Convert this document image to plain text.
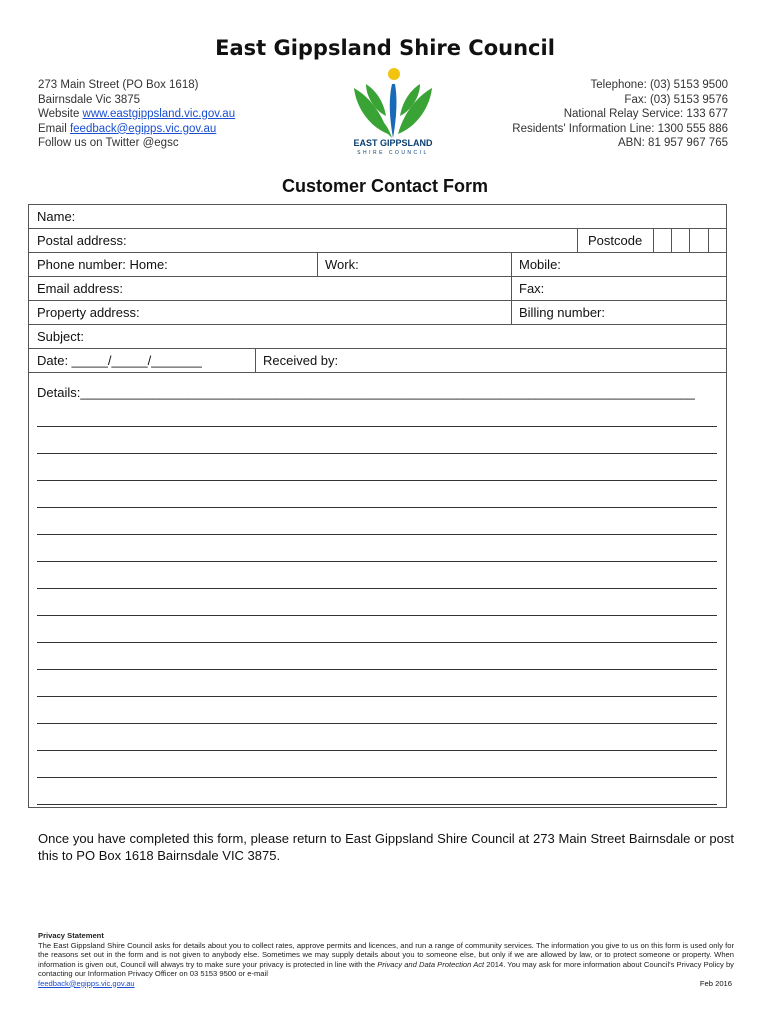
East Gippsland Shire Council
273 Main Street (PO Box 1618)
Bairnsdale Vic 3875
Website www.eastgippsland.vic.gov.au
Email feedback@egipps.vic.gov.au
Follow us on Twitter @egsc	EAST GIPPSLAND
SHIRE COUNCIL
Telephone: (03) 5153 9500
Fax: (03) 5153 9576
National Relay Service: 133 677
Residents' Information Line: 1300 555 886
ABN: 81 957 967 765
Customer Contact Form
Name:
Postal address:	Postcode
Phone number: Home:	Work:	Mobile:
Email address:	Fax:
Property address:	Billing number:
Subject:
Date: _____/_____/_______	Received by:
Details:_____________________________________________________________________________________
Once you have completed this form, please return to East Gippsland Shire Council at 273 Main Street Bairnsdale or post this to PO Box 1618 Bairnsdale VIC 3875.
Privacy Statement
The East Gippsland Shire Council asks for details about you to collect rates, approve permits and licences, and run a range of community services. The information you give to us on this form is used only for the reasons set out in the form and is not given to anybody else. Sometimes we may supply details about you to someone else, but only if we are allowed by law, or to protect someone or property. When information is given out, Council will always try to make sure your privacy is protected in line with the Privacy and Data Protection Act 2014. You may ask for more information about Council's Privacy Policy by contacting our Information Privacy Officer on 03 5153 9500 or e-mail
feedback@egipps.vic.gov.au	Feb 2016
